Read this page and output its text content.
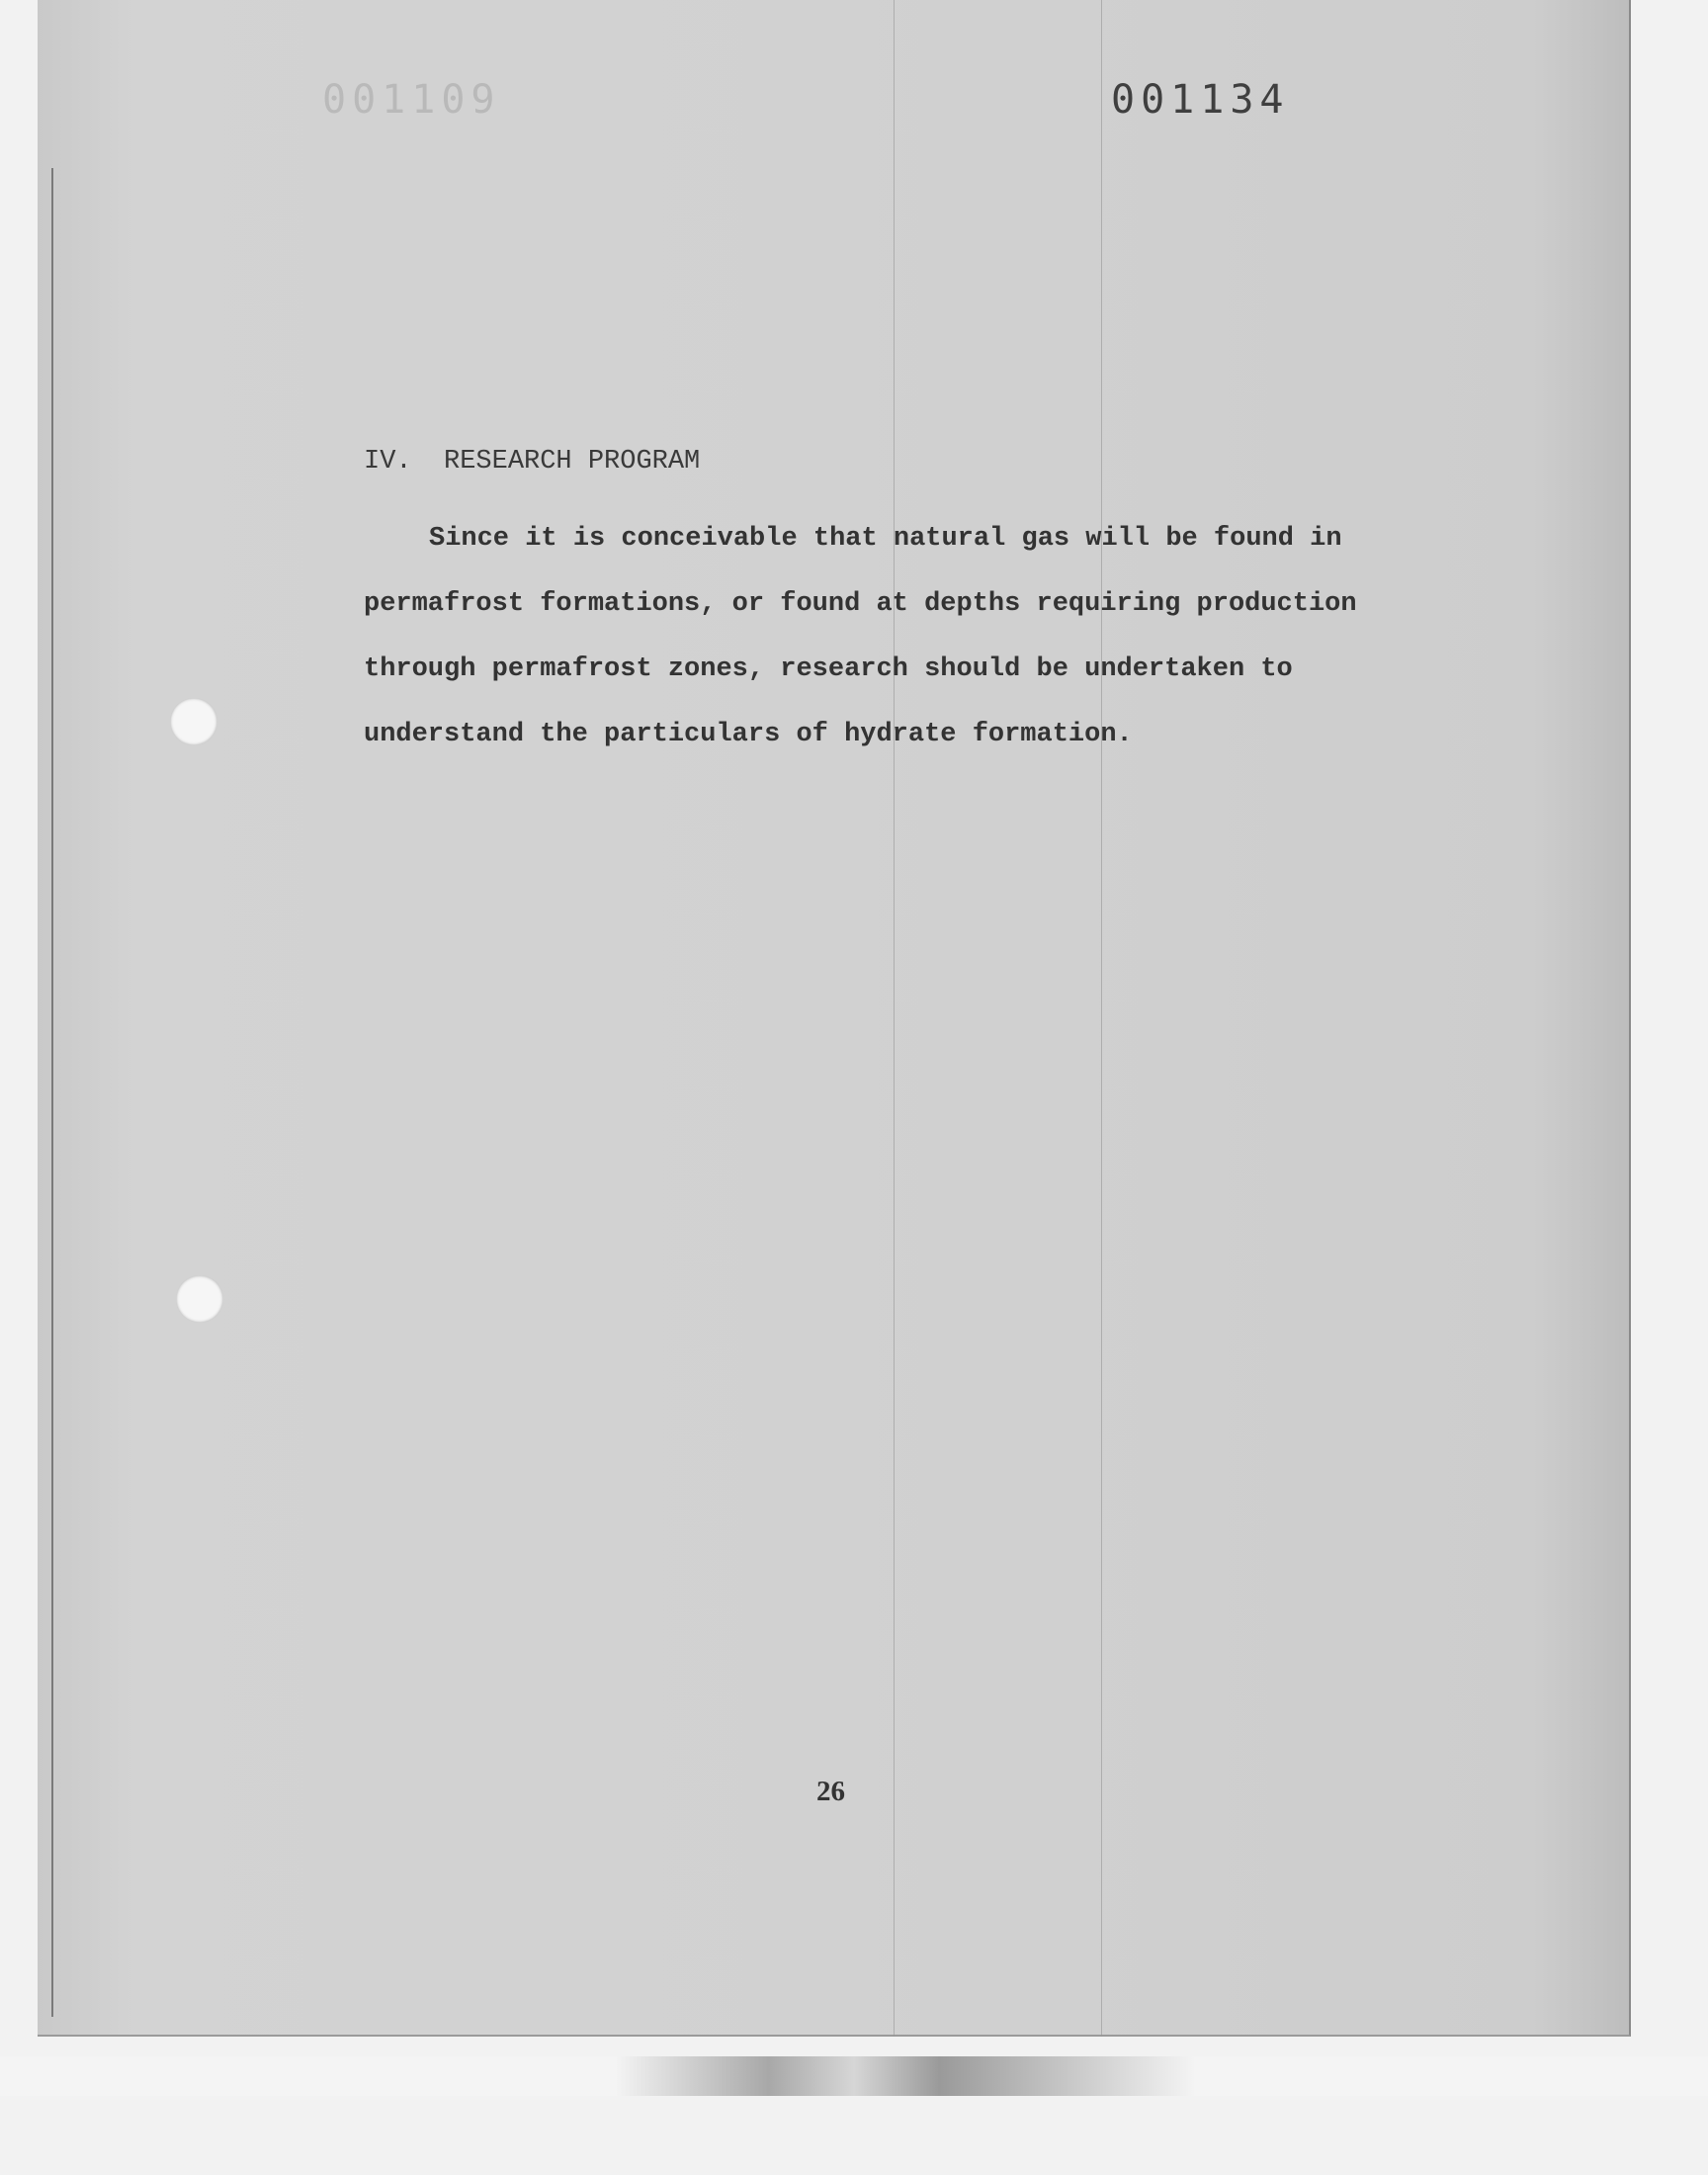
001109	001134
IV.  RESEARCH PROGRAM

Since it is conceivable that natural gas will be found in
permafrost formations, or found at depths requiring production
through permafrost zones, research should be undertaken to
understand the particulars of hydrate formation.

26
